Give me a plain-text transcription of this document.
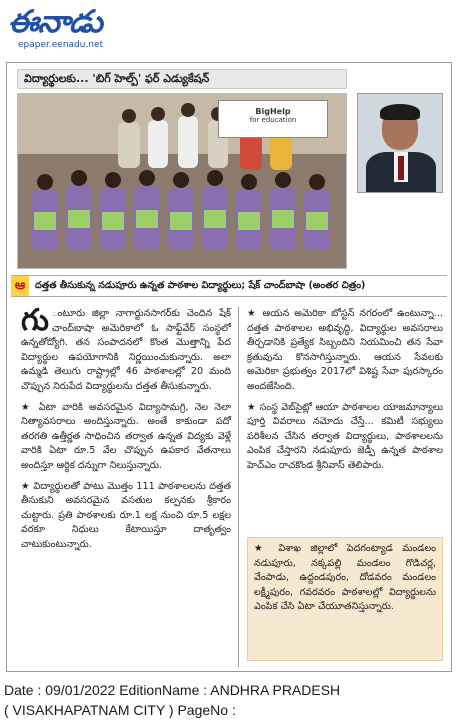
ఈనాడు
epaper.eenadu.net
విద్యార్థులకు... 'బిగ్ హెల్ప్' ఫర్ ఎడ్యుకేషన్
BigHelp
for education
ఆ	దత్తత తీసుకున్న నడుపూరు ఉన్నత పాఠశాల విద్యార్థులు; షేక్ చాంద్‌బాషా (అంతర చిత్రం)
గు ంటూరు జిల్లా నాగార్జునసాగర్‌కు చెందిన షేక్ చాంద్‌బాషా అమెరికాలో ఓ సాఫ్ట్‌వేర్ సంస్థలో ఉన్నతోద్యోగి. తన సంపాదనలో కొంత మొత్తాన్ని పేద విద్యార్థుల ఉపయోగానికి నిర్ణయించుకున్నారు. అలా ఉమ్మడి తెలుగు రాష్ట్రాల్లో 46 పాఠశాలల్లో 20 మంది చొప్పున నిరుపేద విద్యార్థులను దత్తత తీసుకున్నారు.
★ ఏటా వారికి అవసరమైన విద్యాసామగ్రి, నెల నెలా నిత్యావసరాలు అందిస్తున్నారు. అంతే కాకుండా పదో తరగతి ఉత్తీర్ణత సాధించిన తర్వాత ఉన్నత విద్యకు వెళ్లే వారికి ఏటా రూ.5 వేల చొప్పున ఉపకార వేతనాలు అందిస్తూ ఆర్థిక దన్నుగా నిలుస్తున్నారు.
★ విద్యార్థులతో పాటు మొత్తం 111 పాఠశాలలను దత్తత తీసుకుని అవసరమైన వసతుల కల్పనకు శ్రీకారం చుట్టారు. ప్రతి పాఠశాలకు రూ.1 లక్ష నుంచి రూ.5 లక్షల వరకూ నిధులు కేటాయిస్తూ దాతృత్వం చాటుకుంటున్నారు.
★ ఆయన అమెరికా బోస్టన్ నగరంలో ఉంటున్నా... దత్తత పాఠశాలల అభివృద్ధి, విద్యార్థుల అవసరాలు తీర్చడానికి ప్రత్యేక సిబ్బందిని నియమించి తన సేవా క్రతువును కొనసాగిస్తున్నారు. ఆయన సేవలకు అమెరికా ప్రభుత్వం 2017లో విశిష్ట సేవా పురస్కారం అందజేసింది.
★ సంస్థ వెబ్‌సైట్లో ఆయా పాఠశాలల యాజమాన్యాలు పూర్తి వివరాలు నమోదు చేస్తే... కమిటీ సభ్యులు పరిశీలన చేసిన తర్వాత విద్యార్థులు, పాఠశాలలను ఎంపిక చేస్తారని నడుపూరు జెడ్పీ ఉన్నత పాఠశాల హెచ్ఎం రాచకొండ శ్రీనివాస్ తెలిపారు.
★ విశాఖ జిల్లాలో పెదగంట్యాడ మండలం నడుపూరు, నక్కపల్లి మండలం గొడిచర్ల, వేంపాడు, ఉద్దండపురం, దోడవరం మండలం లక్ష్మీపురం, గవరవరం పాఠశాలల్లో విద్యార్థులను ఎంపిక చేసి ఏటా చేయూతనిస్తున్నారు.
Date : 09/01/2022 EditionName : ANDHRA PRADESH
( VISAKHAPATNAM CITY ) PageNo :
